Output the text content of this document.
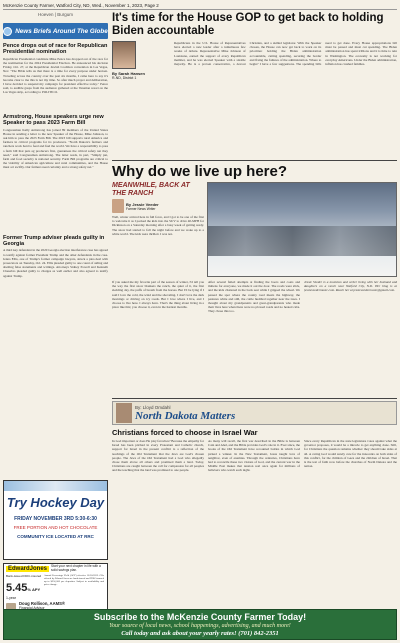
McKenzie County Farmer, Watford City, ND, Wed., November 1, 2023, Page 2
Hoeven | Burgum
News Briefs Around The Globe
Pence drops out of race for Republican Presidential nomination
Republican Presidential candidate Mike Pence has dropped out of the race for the nomination for the 2024 Presidential Election. He announced his decision Friday, Oct. 27, at the Republican Jewish Coalition convention in Las Vegas, Nev. "The Bible tells us that there is a time for every purpose under heaven. Traveling across the country over the past six months, I came here to say it's become clear to me this is not my time. So after much prayer and deliberation, I have decided to suspend my campaign for president effective today." Pence said, to audible gasps from the audience gathered at the Venetian resort on the Las Vegas strip, according to POLITICO.
Armstrong, House speakers urge new Speaker to pass 2023 Farm Bill
Congressman Kelly Armstrong has joined 89 members of the United States House in sending a letter to the new Speaker of the House, Mike Johnson, to ask him to pass the 2023 Farm Bill. The 2023 bill supports rural America and farmers in critical programs for its producers. "North Dakota's farmers and ranchers work hard to feed and fuel the world. We have a responsibility to pass a farm bill that puts ag producers first, guarantees the critical safety net they need," said Congressman Armstrong. The letter reads, in part, "Simply put, farm and food security is national security. Farm Bill programs are critical to the viability of American agriculture and rural communities, and the House must act swiftly. Our farmers need certainty and a strong safety net."
Former Trump adviser pleads guilty in Georgia
A third key defendant in the 2020 Georgia election interference case has agreed to testify against former President Trump and the other defendants in the case. Jenna Ellis, one of Trump's former campaign lawyers, struck a plea deal with prosecutors on Tuesday, Oct. 24. Ellis pleaded guilty to one count of aiding and abetting false statements and writings. Attorneys Sidney Powell and Kenneth Chesebro pleaded guilty to charges as well earlier and also agreed to testify against Trump.
Try Hockey Day
FRIDAY NOVEMBER 3RD 5:30-6:30
FREE PORTION AND HOT CHOCOLATE
COMMUNITY ICE LOCATED AT RRC
EdwardJones	Start your next chapter in life with a solid savings plan.
Bank-issued FDIC-insured
5.45% APY
1-year
Annual Percentage Yield (APY) effective 10/30/2023. CDs offered by Edward Jones are bank-issued and FDIC-insured up to $250,000 per depositor. Subject to availability and price change.
Doug Rollison, AAMS®
It's time for the House GOP to get back to holding Biden accountable
By Sarah Hansen
R-ND, District 1
Republicans in the U.S. House of Representatives have elected a new leader after a tumultuous few weeks of debate. Representative Mike Johnson of Louisiana, earned the support of every Republican member, and he was elected Speaker with a sizable majority. He is a proven conservative, a devout Christian, and a skilled legislator. With the Speaker chosen, the House can now get back to work on its priorities: holding the Biden administration accountable, cutting spending, securing the border and fixing the failures of the administration. Where to begin? I have a few suggestions. The spending bills need to get done. Every House appropriations bill must be passed and must cut spending. The Biden administration has spent trillions and it is time to rein in Washington. The economy is not working for everyday Americans. Under the Biden administration, inflation has crushed families.
Why do we live up here?
MEANWHILE, BACK AT THE RANCH
By Jessie Veeder
Farmer News Writer
Well, winter arrived here in full force, and I got to be one of the first to welcome it as I packed the kids into the SUV to drive 40-MPH for Dickinson on a Saturday morning after a busy week of getting ready. The snow had started to fall the night before and we woke up to a white world. The kids were thrilled. I was not.
If you asked me my favorite part of the season of winter, I'd tell you the way the first snow blankets the ranch, the quiet of it, the first sledding day, the puffs of breath from the horses. But I'd be lying if I said I love the cold, the wind and the shoveling. I don't love the dark mornings or driving on icy roads. But I love where I live, and I choose to live here. I always have. That's the thing about living in a place like this; you choose it, even in the hardest months.
After several failed attempts at finding the boots and coats and mittens for everyone, we made it out the door. The roads were slick, and the kids chattered in the back seat while I gripped the wheel. We passed the spot where the county road meets the highway, the pastures white and still, the cattle huddled together near the trees. I thought about my grandparents and great-grandparents who made their lives here when there were no plowed roads and no heated cabs. They chose this too.
Jessie Veeder is a musician and writer living with her husband and daughters on a ranch near Watford City, N.D. Her blog is at jessieveedermusic.com. Reach her at jessieveedermusic@gmail.com.
By: Lloyd Omdahl
North Dakota Matters
Christians forced to choose in Israel War
In God important or does He play favorites? Because the empathy for Israel has been pitched in every Protestant and Catholic church, support for Israel in the present conflict is a reflection of the teachings of the Old Testament that the Jews are God's chosen people. The Jews of the Old Testament had a God who allegedly chose them above all others and promised them a land. Today, Christians are caught between the call for compassion for all peoples and the teaching that the land was promised to one people.
As many will recall, the first war described in the Bible is between Cain and Abel, and the Bible provides God's role in it. Ever since, the books of the Old Testament have recounted battles in which God picked a winner. In the New Testament, Jesus taught love of neighbor, even of enemies. Through the centuries, Christians have had to reconcile these two visions of God, and the current war in the Middle East makes that tension real once again for millions of believers who watch each night.
Since every Republican in the state legislature votes against what the governor proposes, it would be a miracle to get anything done. Still, for Christians the question remains whether they should take sides at all. A caring God would surely care for the innocents on both sides of this conflict, for the children of Gaza and the children of Israel. That is the test of faith now before the churches of North Dakota and the nation.
Subscribe to the McKenzie County Farmer Today!
Your source of local news, school happenings, advertising, and much more!
Call today and ask about your yearly rates! (701) 842-2351
